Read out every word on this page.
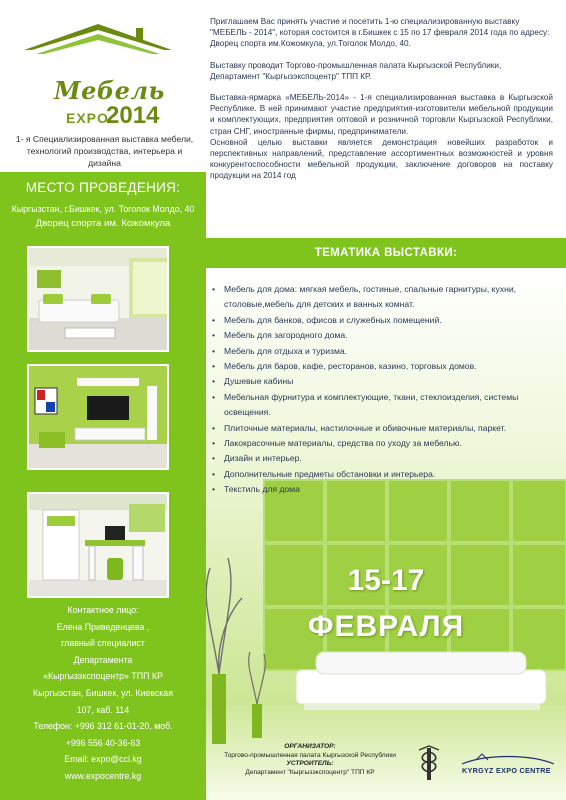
Мебель
EXPO
2014
1- я Специализированная выставка мебели, технологий производства, интерьера и дизайна

Приглашаем Вас принять участие и посетить 1-ю специализированную выставку "МЕБЕЛЬ - 2014", которая состоится в г.Бишкек с 15 по 17 февраля 2014 года по адресу: Дворец спорта им.Кожомкула, ул.Тоголок Молдо, 40.

Выставку проводит Торгово-промышленная палата Кыргызской Республики, Департамент "Кыргызэкспоцентр" ТПП КР.

Выставка-ярмарка «МЕБЕЛЬ-2014» - 1-я специализированная выставка в Кыргызской Республике. В ней принимают участие предприятия-изготовители мебельной продукции и комплектующих, предприятия оптовой и розничной торговли Кыргызской Республики, стран СНГ, иностранные фирмы, предприниматели.

Основной целью выставки является демонстрация новейших разработок и перспективных направлений, представление ассортиментных возможностей и уровня конкурентоспособности мебельной продукции, заключение договоров на поставку продукции на 2014 год

МЕСТО ПРОВЕДЕНИЯ:
Кыргызстан, г.Бишкек, ул. Тоголок Молдо, 40
Дворец спорта им. Кожомкула
Контактное лицо:
Елена Приведенцева ,
главный специалист
Департамента
«Кыргызэкспоцентр» ТПП КР
Кыргызстан, Бишкек, ул. Киевская
107, каб. 114
Телефон: +996 312 61-01-20, моб.
+996 556 40-36-63
Email: expo@cci.kg
www.expocentre.kg
ТЕМАТИКА ВЫСТАВКИ:
• Мебель для дома: мягкая мебель, гостиные, спальные гарнитуры, кухни, столовые,мебель для детских и ванных комнат.
• Мебель для банков, офисов и служебных помещений.
• Мебель для загородного дома.
• Мебель для отдыха и туризма.
• Мебель для баров, кафе, ресторанов, казино, торговых домов.
• Душевые кабины
• Мебельная фурнитура и комплектующие, ткани, стеклоизделия, системы освещения.
• Плиточные материалы, настилочные и обивочные материалы, паркет.
• Лакокрасочные материалы, средства по уходу за мебелью.
• Дизайн и интерьер.
• Дополнительные предметы обстановки и интерьера.
• Текстиль для дома
15-17
ФЕВРАЛЯ
ОРГАНИЗАТОР:
Торгово-промышленная палата Кыргызской Республики
УСТРОИТЕЛЬ:
Департамент "Кыргызэкспоцентр" ТПП КР	KYRGYZ EXPO CENTRE
